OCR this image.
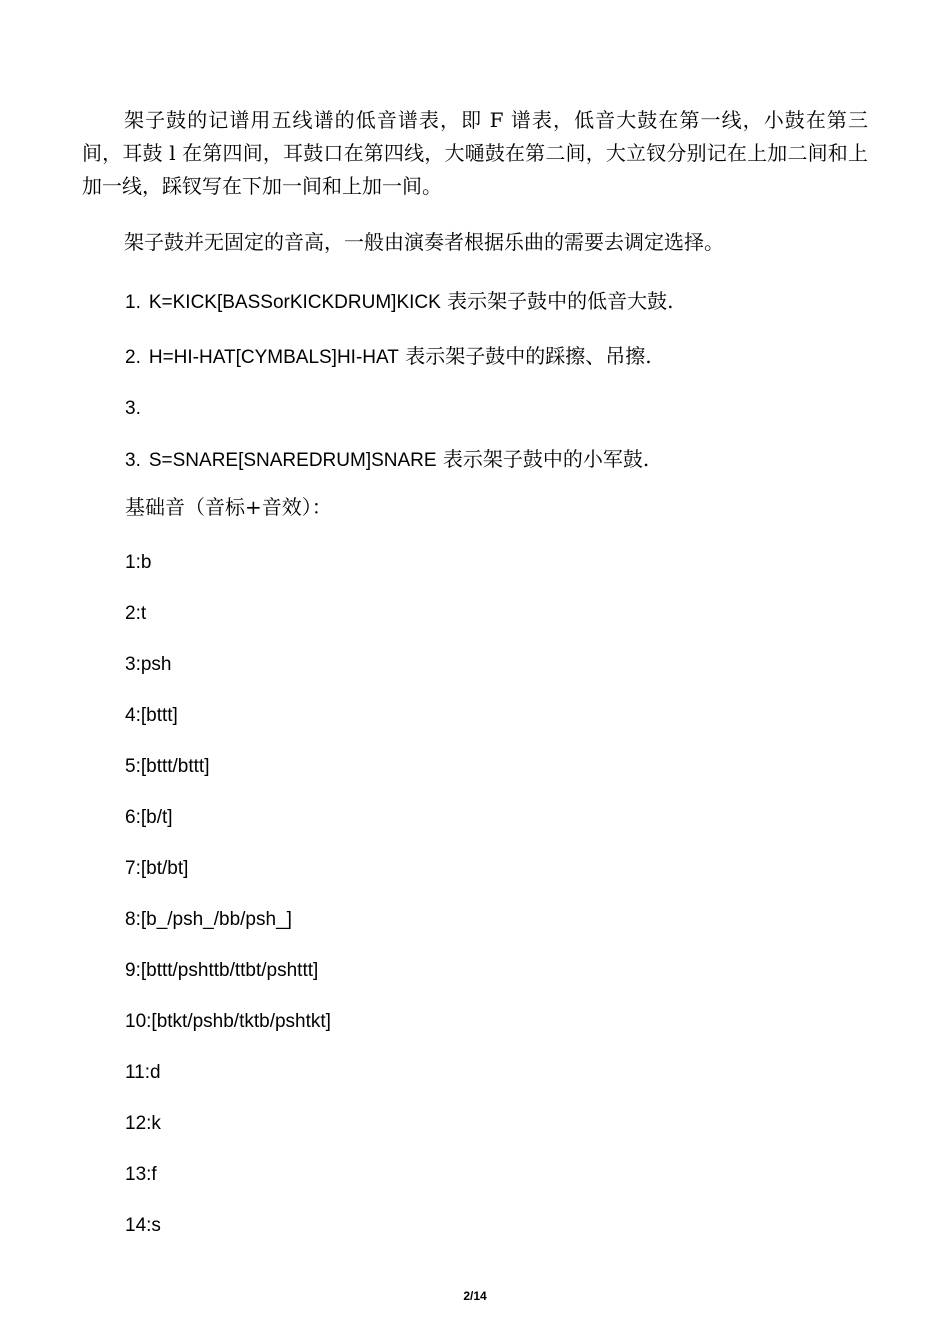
架子鼓的记谱用五线谱的低音谱表，即 F 谱表，低音大鼓在第一线，小鼓在第三间，耳鼓 l 在第四间，耳鼓口在第四线，大嗵鼓在第二间，大立钗分别记在上加二间和上加一线，踩钗写在下加一间和上加一间。

架子鼓并无固定的音高，一般由演奏者根据乐曲的需要去调定选择。

1. K=KICK[BASSorKICKDRUM]KICK 表示架子鼓中的低音大鼓.
2. H=HI-HAT[CYMBALS]HI-HAT 表示架子鼓中的踩擦、吊擦.
3.
3. S=SNARE[SNAREDRUM]SNARE 表示架子鼓中的小军鼓.
基础音（音标+音效）：
1:b
2:t
3:psh
4:[bttt]
5:[bttt/bttt]
6:[b/t]
7:[bt/bt]
8:[b_/psh_/bb/psh_]
9:[bttt/pshttb/ttbt/pshttt]
10:[btkt/pshb/tktb/pshtkt]
11:d
12:k
13:f
14:s
2/14
